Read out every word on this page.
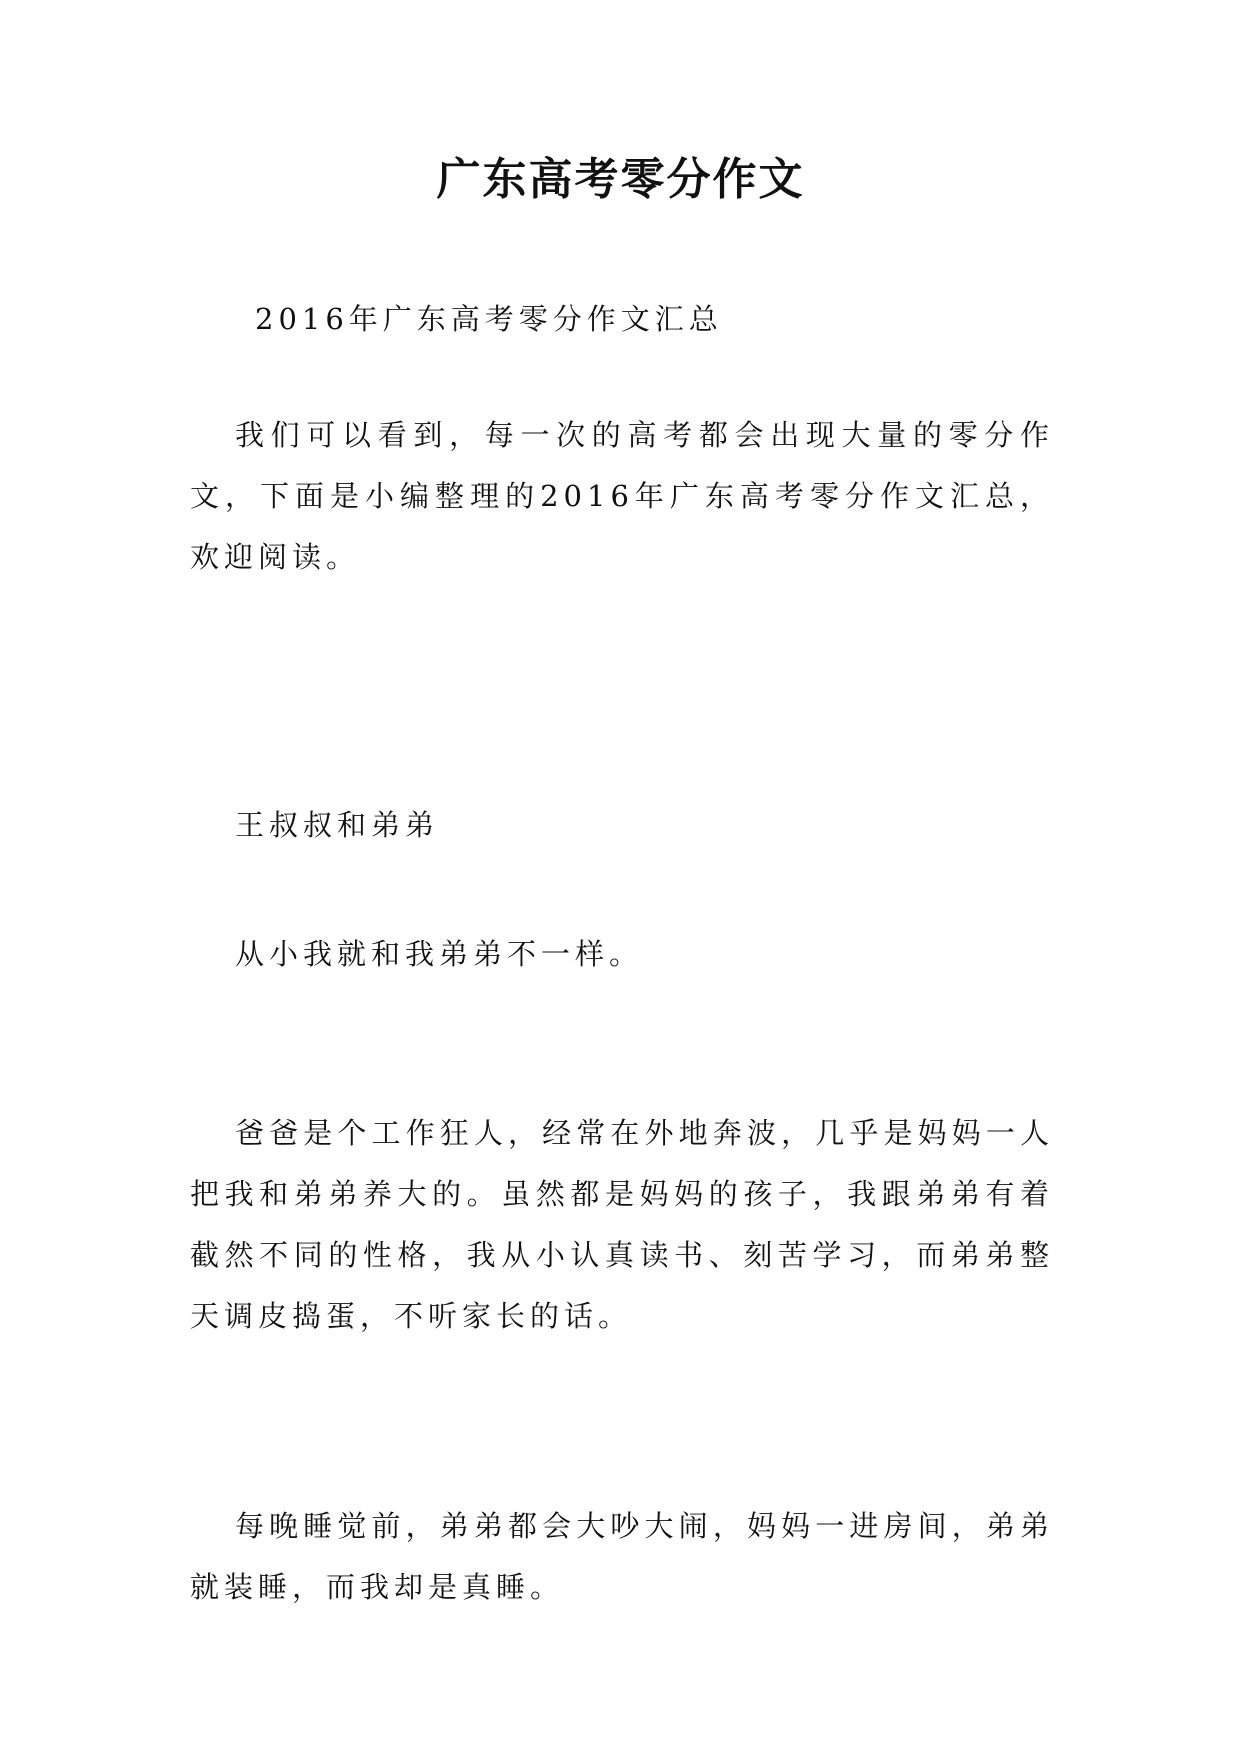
广东高考零分作文

2016年广东高考零分作文汇总

我们可以看到，每一次的高考都会出现大量的零分作文，下面是小编整理的2016年广东高考零分作文汇总，欢迎阅读。

王叔叔和弟弟

从小我就和我弟弟不一样。

爸爸是个工作狂人，经常在外地奔波，几乎是妈妈一人把我和弟弟养大的。虽然都是妈妈的孩子，我跟弟弟有着截然不同的性格，我从小认真读书、刻苦学习，而弟弟整天调皮捣蛋，不听家长的话。

每晚睡觉前，弟弟都会大吵大闹，妈妈一进房间，弟弟就装睡，而我却是真睡。
